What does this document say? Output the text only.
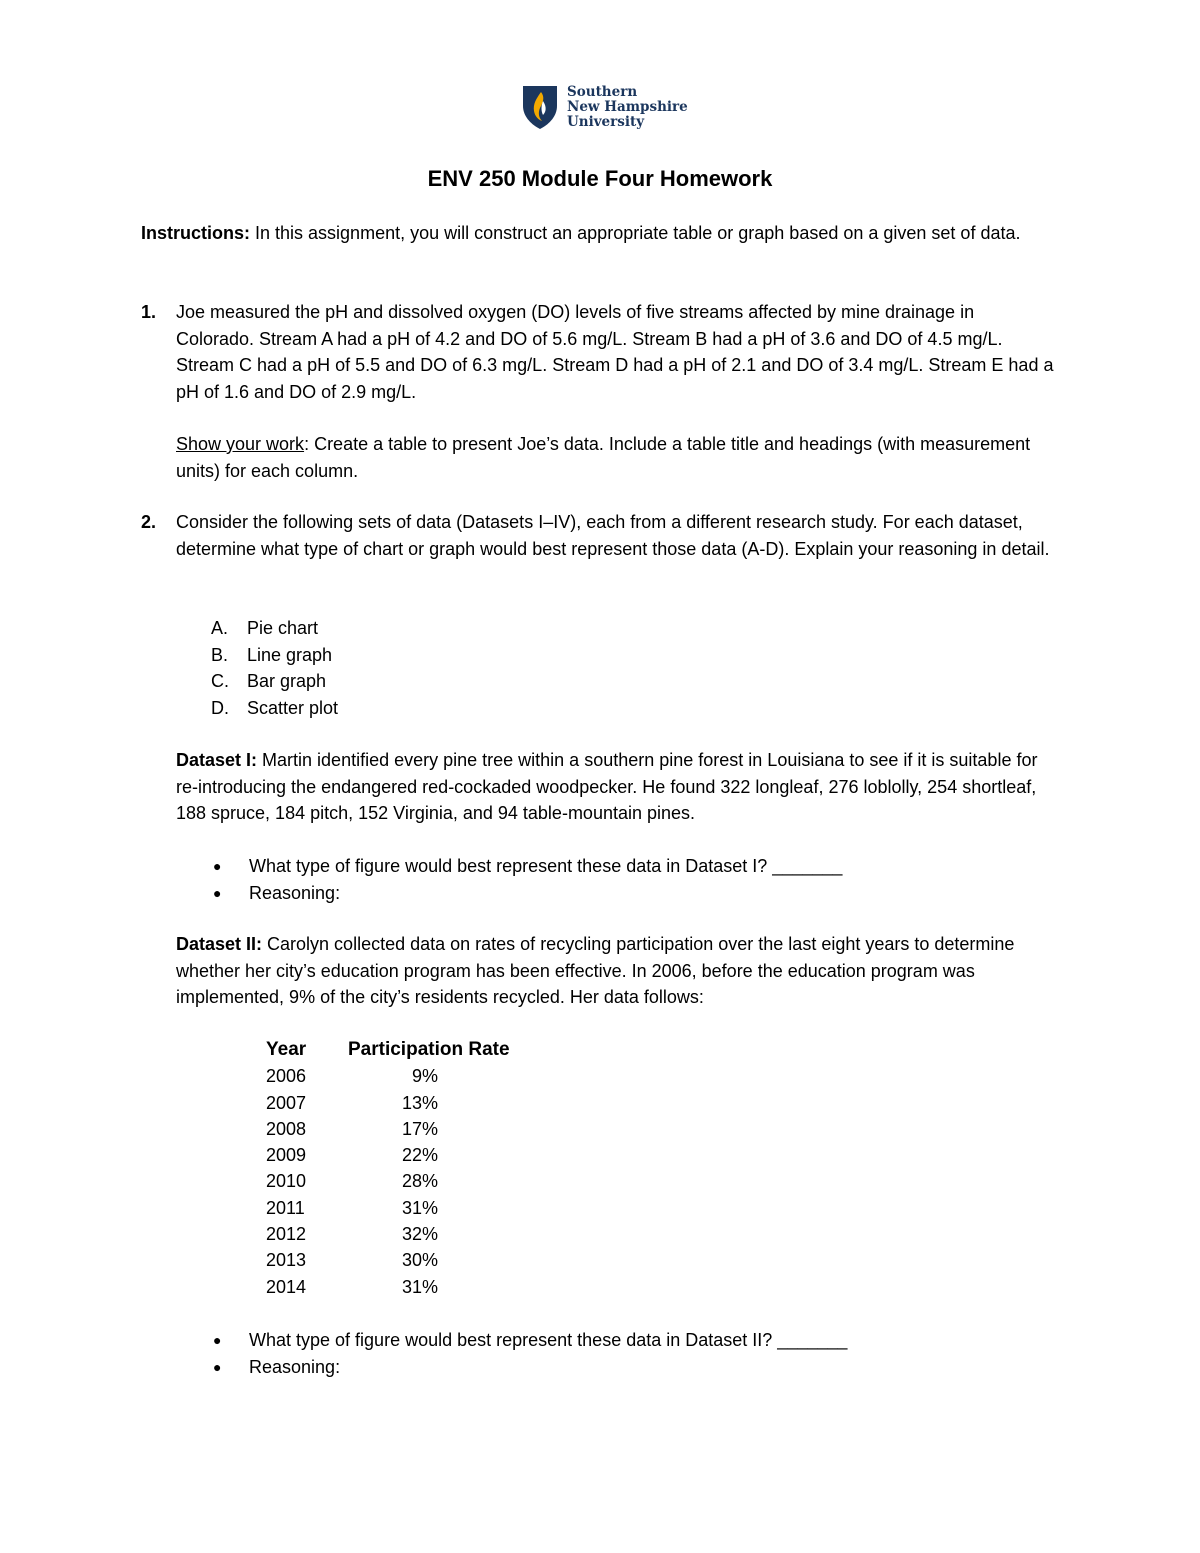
Southern
New Hampshire
University
ENV 250 Module Four Homework
Instructions: In this assignment, you will construct an appropriate table or graph based on a given set of data.
1. Joe measured the pH and dissolved oxygen (DO) levels of five streams affected by mine drainage in Colorado. Stream A had a pH of 4.2 and DO of 5.6 mg/L. Stream B had a pH of 3.6 and DO of 4.5 mg/L. Stream C had a pH of 5.5 and DO of 6.3 mg/L. Stream D had a pH of 2.1 and DO of 3.4 mg/L. Stream E had a pH of 1.6 and DO of 2.9 mg/L.
Show your work: Create a table to present Joe’s data. Include a table title and headings (with measurement units) for each column.
2. Consider the following sets of data (Datasets I–IV), each from a different research study. For each dataset, determine what type of chart or graph would best represent those data (A-D). Explain your reasoning in detail.
A.	Pie chart
B.	Line graph
C.	Bar graph
D.	Scatter plot
Dataset I: Martin identified every pine tree within a southern pine forest in Louisiana to see if it is suitable for re-introducing the endangered red-cockaded woodpecker. He found 322 longleaf, 276 loblolly, 254 shortleaf, 188 spruce, 184 pitch, 152 Virginia, and 94 table-mountain pines.
●	What type of figure would best represent these data in Dataset I? _______
●	Reasoning:
Dataset II: Carolyn collected data on rates of recycling participation over the last eight years to determine whether her city’s education program has been effective. In 2006, before the education program was implemented, 9% of the city’s residents recycled. Her data follows:
Year	Participation Rate
2006	9%
2007	13%
2008	17%
2009	22%
2010	28%
2011	31%
2012	32%
2013	30%
2014	31%
●	What type of figure would best represent these data in Dataset II? _______
●	Reasoning:
